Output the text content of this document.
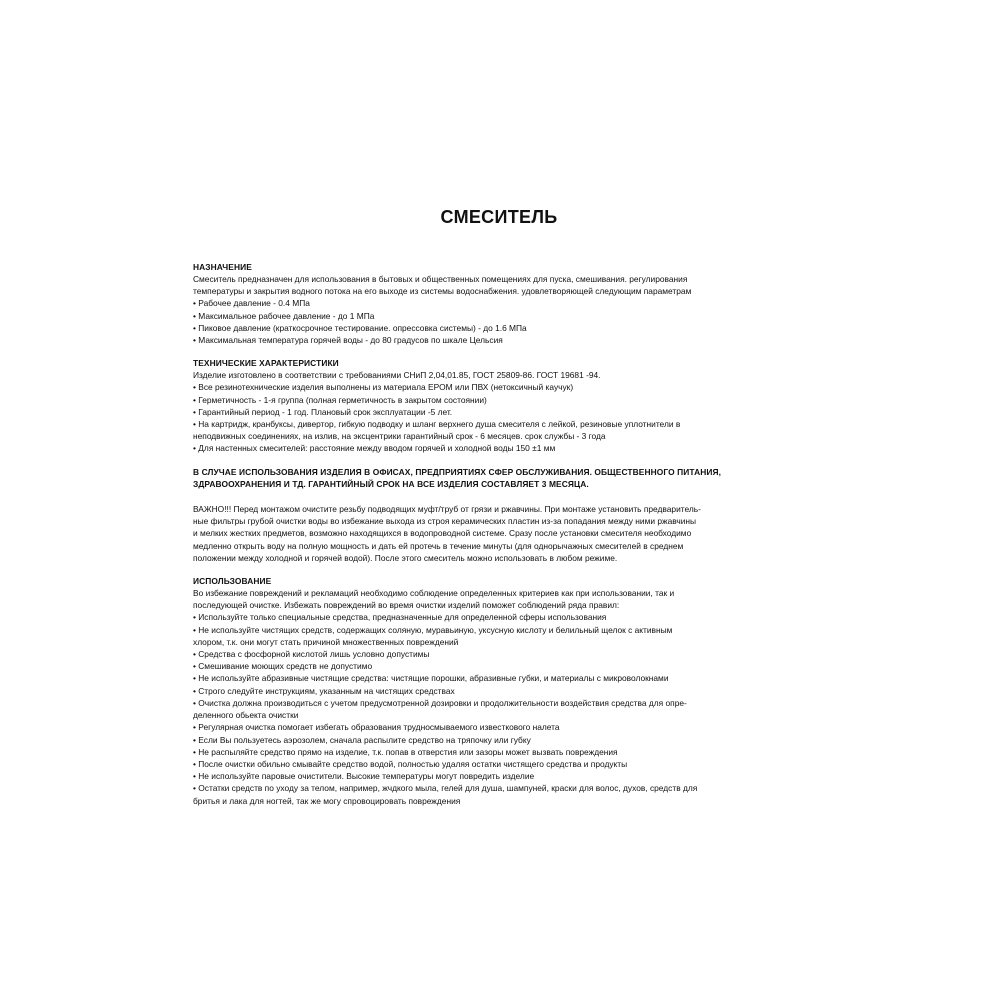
СМЕСИТЕЛЬ
НАЗНАЧЕНИЕ
Смеситель предназначен для использования в бытовых и общественных помещениях для пуска, смешивания. регулирования
температуры и закрытия водного потока на его выходе из системы водоснабжения. удовлетворяющей следующим параметрам
• Рабочее давление - 0.4 МПа
• Максимальное рабочее давление - до 1 МПа
• Пиковое давление (краткосрочное тестирование. опрессовка системы) - до 1.6 МПа
• Максимальная температура горячей воды - до 80 градусов по шкале Цельсия
ТЕХНИЧЕСКИЕ ХАРАКТЕРИСТИКИ
Изделие изготовлено в соответствии с требованиями СНиП 2,04,01.85, ГОСТ 25809-86. ГОСТ 19681 -94.
• Все резинотехнические изделия выполнены из материала EPOM или ПВХ (нетоксичный каучук)
• Герметичность - 1-я группа (полная герметичность в закрытом состоянии)
• Гарантийный период - 1 год. Плановый срок эксплуатации -5 лет.
• На картридж, кранбуксы, дивертор, гибкую подводку и шланг верхнего душа смесителя с лейкой, резиновые уплотнители в
неподвижных соединениях, на излив, на эксцентрики гарантийный срок - 6 месяцев. срок службы - 3 года
• Для настенных смесителей: расстояние между вводом горячей и холодной воды 150 ±1 мм
В СЛУЧАЕ ИСПОЛЬЗОВАНИЯ ИЗДЕЛИЯ В ОФИСАХ, ПРЕДПРИЯТИЯХ СФЕР ОБСЛУЖИВАНИЯ. ОБЩЕСТВЕННОГО ПИТАНИЯ,
ЗДРАВООХРАНЕНИЯ И ТД. ГАРАНТИЙНЫЙ СРОК НА ВСЕ ИЗДЕЛИЯ СОСТАВЛЯЕТ 3 МЕСЯЦА.
ВАЖНО!!! Перед монтажом очистите резьбу подводящих муфт/труб от грязи и ржавчины. При монтаже установить предваритель-
ные фильтры грубой очистки воды во избежание выхода из строя керамических пластин из-за попадания между ними ржавчины
и мелких жестких предметов, возможно находящихся в водопроводной системе. Сразу после установки смесителя необходимо
медленно открыть воду на полную мощность и дать ей протечь в течение минуты (для однорычажных смесителей в среднем
положении между холодной и горячей водой). После этого смеситель можно использовать в любом режиме.
ИСПОЛЬЗОВАНИЕ
Во избежание повреждений и рекламаций необходимо соблюдение определенных критериев как при использовании, так и
последующей очистке. Избежать повреждений во время очистки изделий поможет соблюдений ряда правил:
• Используйте только специальные средства, предназначенные для определенной сферы использования
• Не используйте чистящих средств, содержащих соляную, муравьиную, уксусную кислоту и белильный щелок с активным
хлором, т.к. они могут стать причиной множественных повреждений
• Средства с фосфорной кислотой лишь условно допустимы
• Смешивание моющих средств не допустимо
• Не используйте абразивные чистящие средства: чистящие порошки, абразивные губки, и материалы с микроволокнами
• Строго следуйте инструкциям, указанным на чистящих средствах
• Очистка должна производиться с учетом предусмотренной дозировки и продолжительности воздействия средства для опре-
деленного обьекта очистки
• Регулярная очистка помогает избегать образования трудносмываемого известкового налета
• Если Вы пользуетесь аэрозолем, сначала распылите средство на тряпочку или губку
• Не распыляйте средство прямо на изделие, т.к. попав в отверстия или зазоры может вызвать повреждения
• После очистки обильно смывайте средство водой, полностью удаляя остатки чистящего средства и продукты
• Не используйте паровые очистители. Высокие температуры могут повредить изделие
• Остатки средств по уходу за телом, например, жчдкого мыла, гелей для душа, шампуней, краски для волос, духов, средств для
бритья и лака для ногтей, так же могу спровоцировать повреждения
